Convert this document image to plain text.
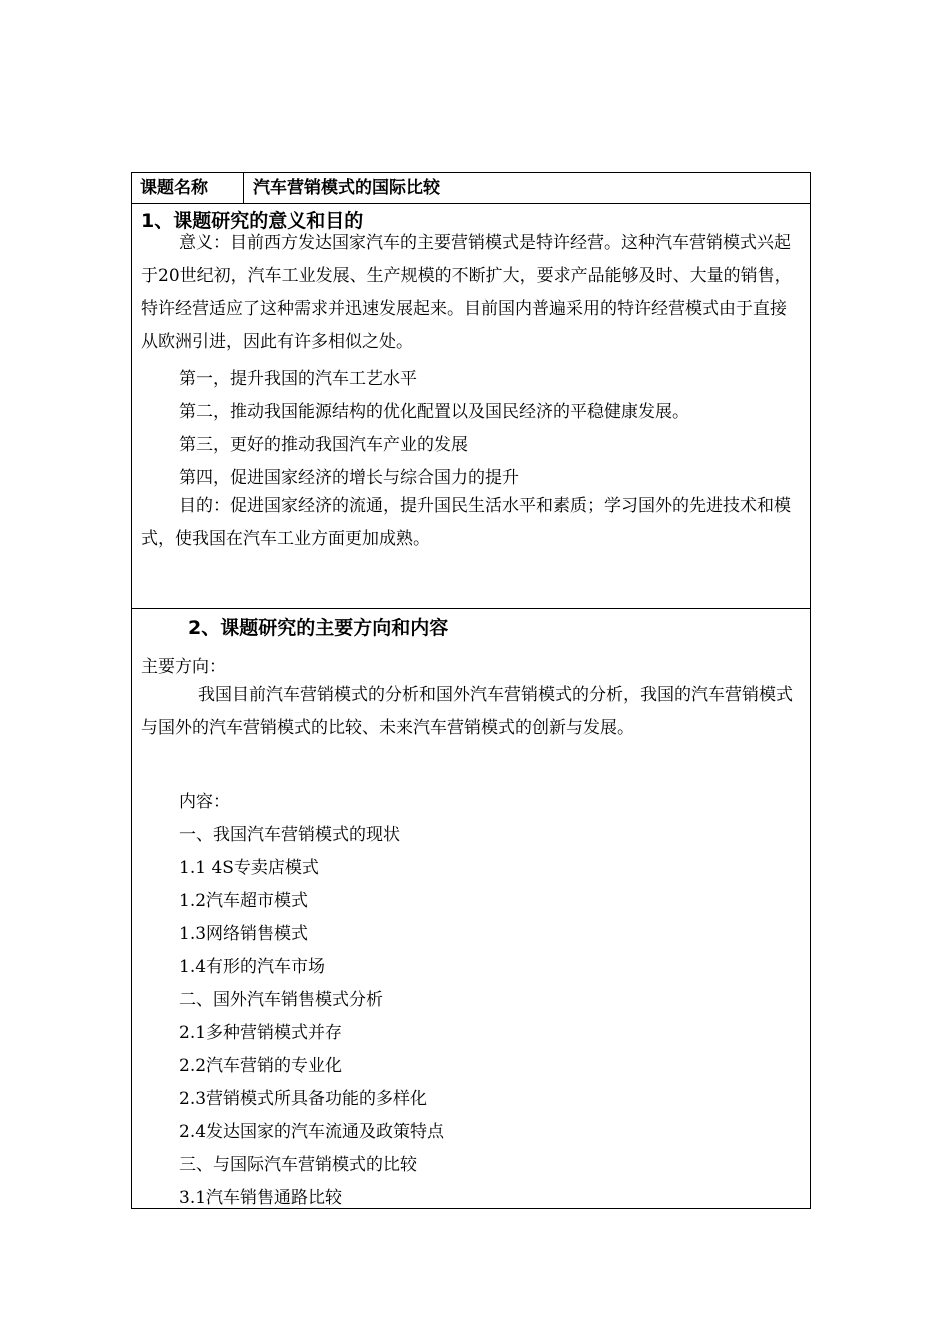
课题名称	汽车营销模式的国际比较
1、课题研究的意义和目的

意义：目前西方发达国家汽车的主要营销模式是特许经营。这种汽车营销模式兴起于20世纪初，汽车工业发展、生产规模的不断扩大，要求产品能够及时、大量的销售，特许经营适应了这种需求并迅速发展起来。目前国内普遍采用的特许经营模式由于直接从欧洲引进，因此有许多相似之处。

第一，提升我国的汽车工艺水平
第二，推动我国能源结构的优化配置以及国民经济的平稳健康发展。
第三，更好的推动我国汽车产业的发展
第四，促进国家经济的增长与综合国力的提升

目的：促进国家经济的流通，提升国民生活水平和素质；学习国外的先进技术和模式，使我国在汽车工业方面更加成熟。

2、课题研究的主要方向和内容
主要方向：

我国目前汽车营销模式的分析和国外汽车营销模式的分析，我国的汽车营销模式与国外的汽车营销模式的比较、未来汽车营销模式的创新与发展。

内容：
一、我国汽车营销模式的现状
1.1 4S专卖店模式
1.2汽车超市模式
1.3网络销售模式
1.4有形的汽车市场
二、国外汽车销售模式分析
2.1多种营销模式并存
2.2汽车营销的专业化
2.3营销模式所具备功能的多样化
2.4发达国家的汽车流通及政策特点
三、与国际汽车营销模式的比较
3.1汽车销售通路比较
